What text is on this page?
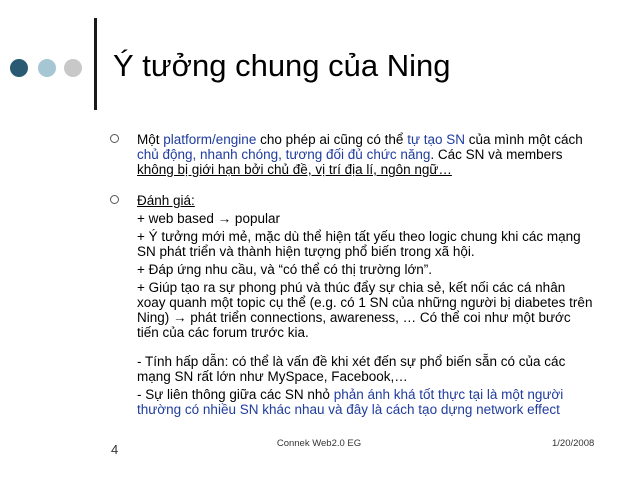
Ý tưởng chung của Ning
Một platform/engine cho phép ai cũng có thể tự tạo SN của mình một cách chủ động, nhanh chóng, tương đối đủ chức năng. Các SN và members không bị giới hạn bởi chủ đề, vị trí địa lí, ngôn ngữ…

Đánh giá:

+ web based → popular

+ Ý tưởng mới mẻ, mặc dù thể hiện tất yếu theo logic chung khi các mạng SN phát triển và thành hiện tượng phổ biến trong xã hội.

+ Đáp ứng nhu cầu, và “có thể có thị trường lớn”.

+ Giúp tạo ra sự phong phú và thúc đẩy sự chia sẻ, kết nối các cá nhân xoay quanh một topic cụ thể (e.g. có 1 SN của những người bị diabetes trên Ning) → phát triển connections, awareness, … Có thể coi như một bước tiến của các forum trước kia.

- Tính hấp dẫn: có thể là vấn đề khi xét đến sự phổ biến sẵn có của các mạng SN rất lớn như MySpace, Facebook,…

- Sự liên thông giữa các SN nhỏ phản ánh khá tốt thực tại là một người thường có nhiều SN khác nhau và đây là cách tạo dựng network effect

4	Connek Web2.0 EG	1/20/2008
